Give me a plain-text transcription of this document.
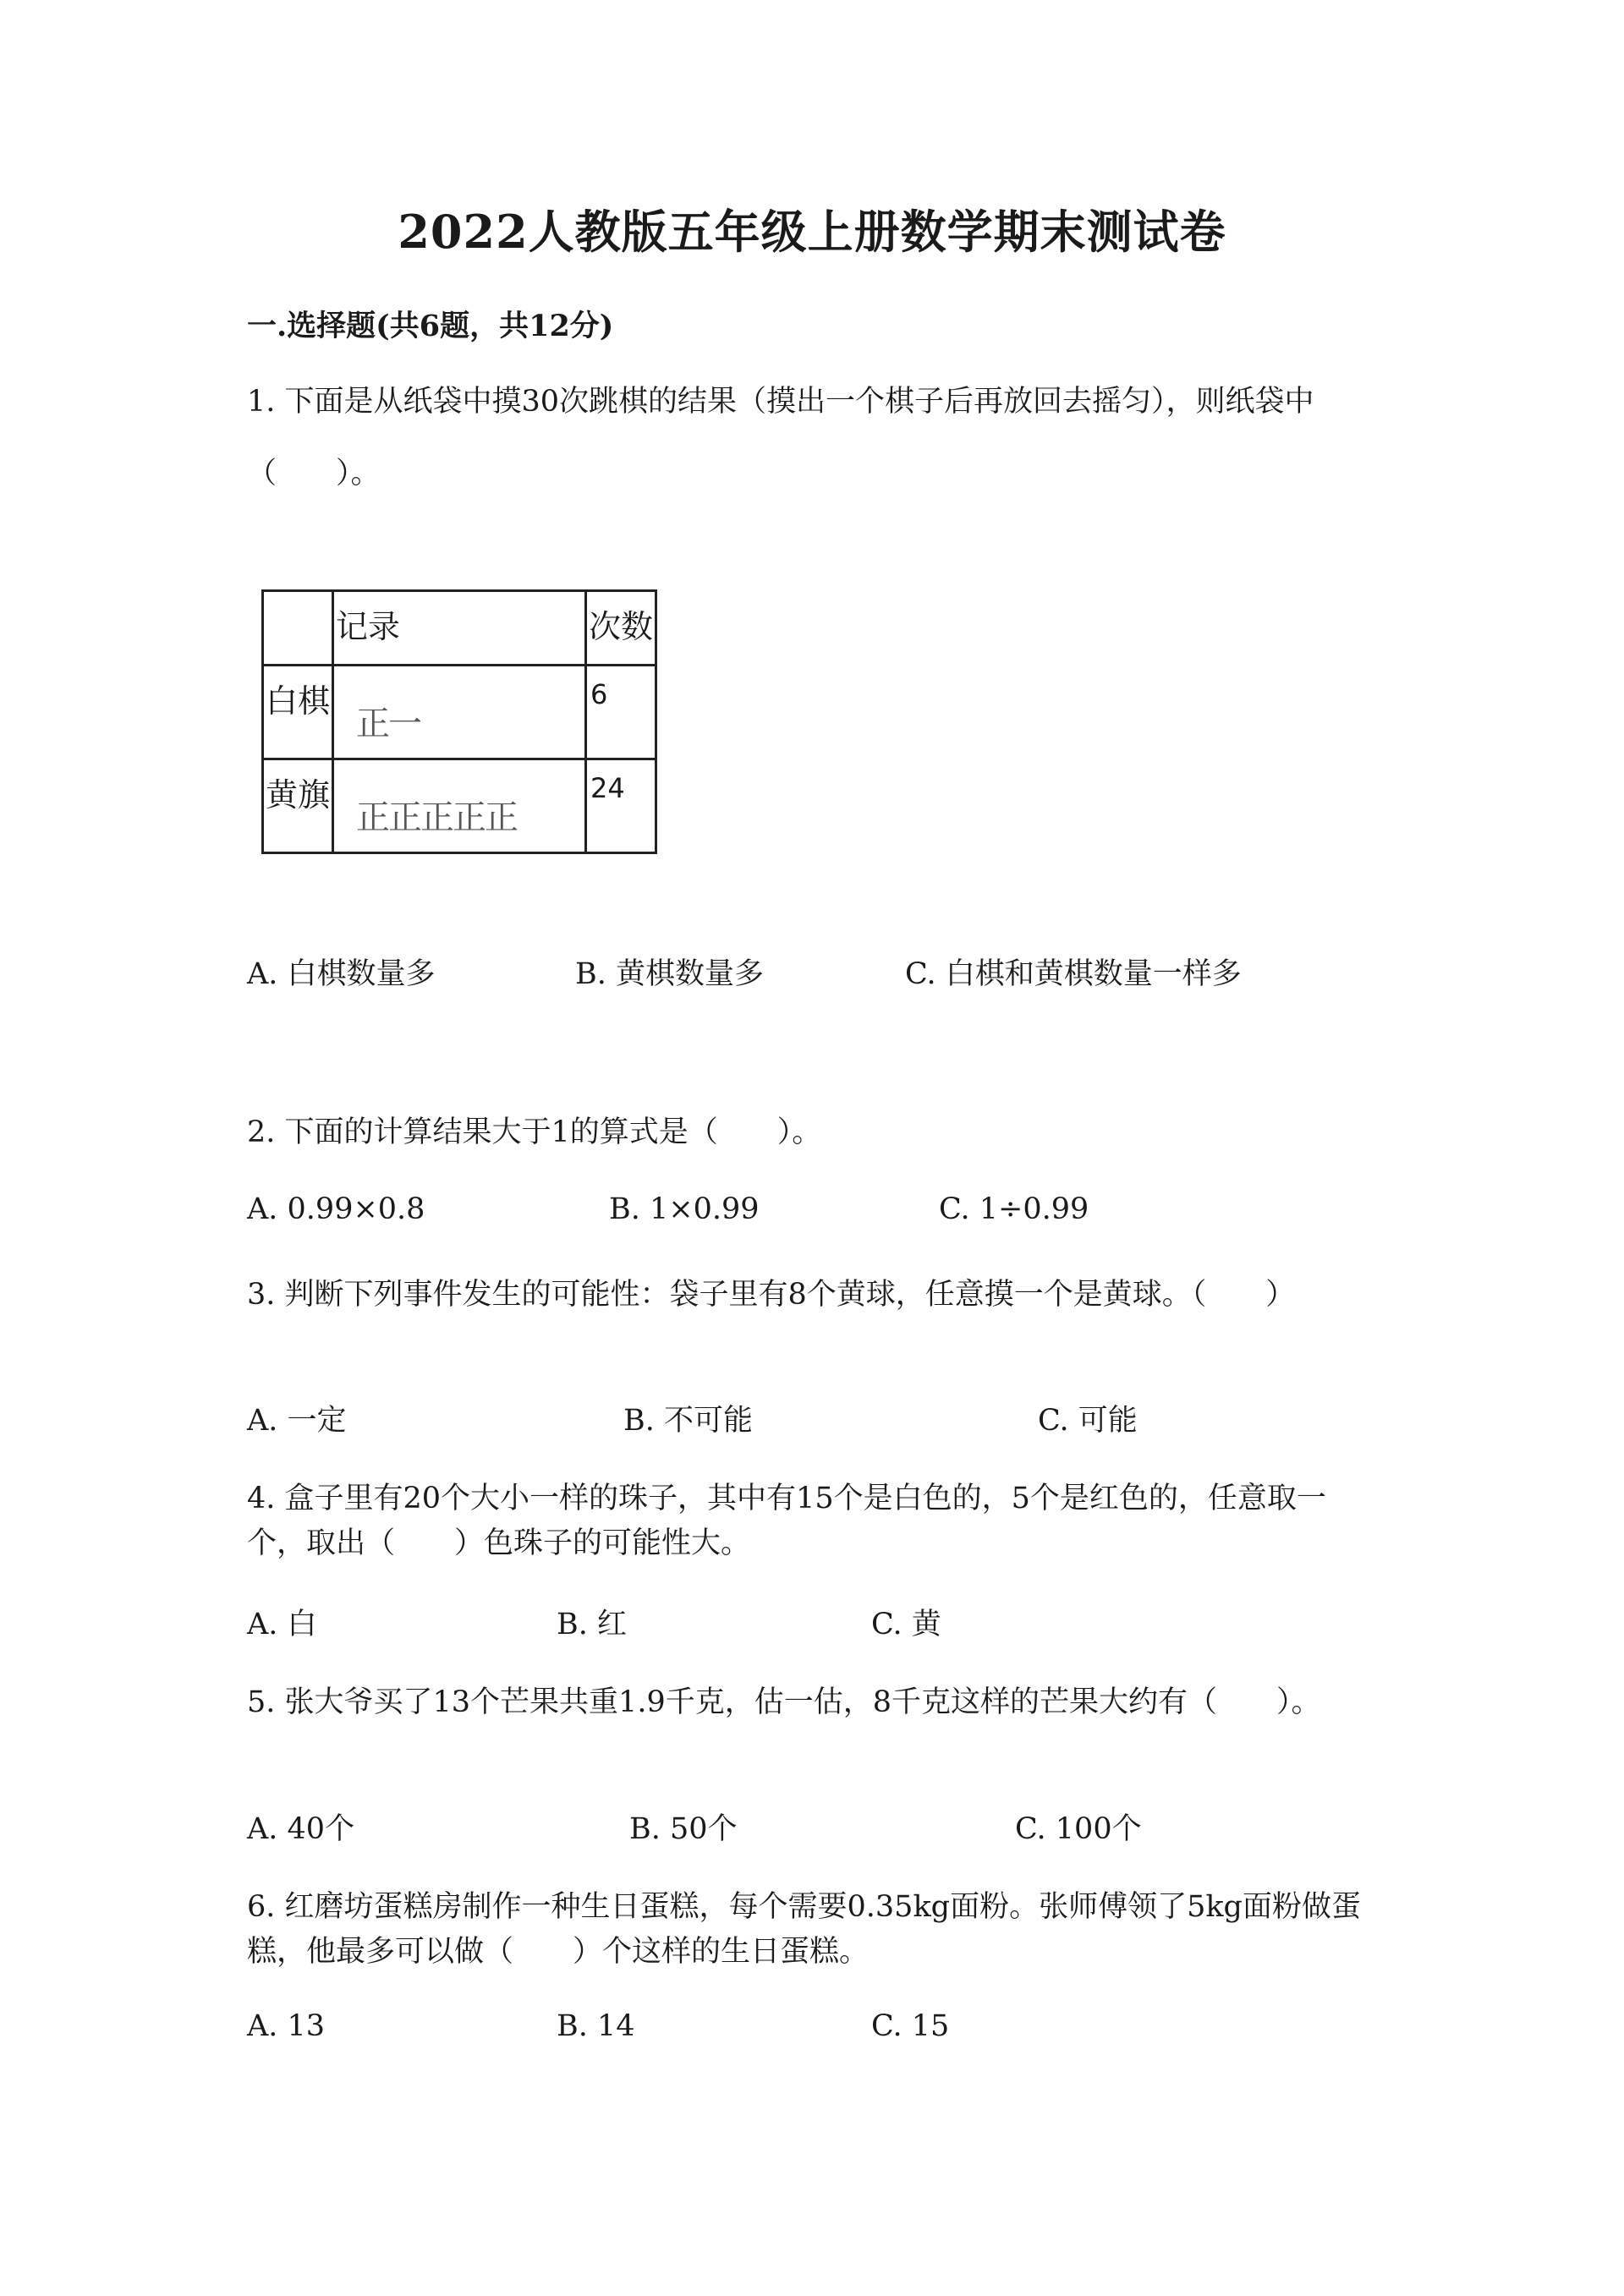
2022人教版五年级上册数学期末测试卷
一.选择题(共6题，共12分)
1. 下面是从纸袋中摸30次跳棋的结果（摸出一个棋子后再放回去摇匀），则纸袋中（　　）。

	记录	次数

白棋	正一	6

黄旗	正正正正正	24
A. 白棋数量多	B. 黄棋数量多	C. 白棋和黄棋数量一样多
2. 下面的计算结果大于1的算式是（　　）。
A. 0.99×0.8	B. 1×0.99	C. 1÷0.99
3. 判断下列事件发生的可能性：袋子里有8个黄球，任意摸一个是黄球。（　　）
A. 一定	B. 不可能	C. 可能
4. 盒子里有20个大小一样的珠子，其中有15个是白色的，5个是红色的，任意取一个，取出（　　）色珠子的可能性大。
A. 白	B. 红	C. 黄
5. 张大爷买了13个芒果共重1.9千克，估一估，8千克这样的芒果大约有（　　）。
A. 40个	B. 50个	C. 100个
6. 红磨坊蛋糕房制作一种生日蛋糕，每个需要0.35kg面粉。张师傅领了5kg面粉做蛋糕，他最多可以做（　　）个这样的生日蛋糕。
A. 13	B. 14	C. 15
